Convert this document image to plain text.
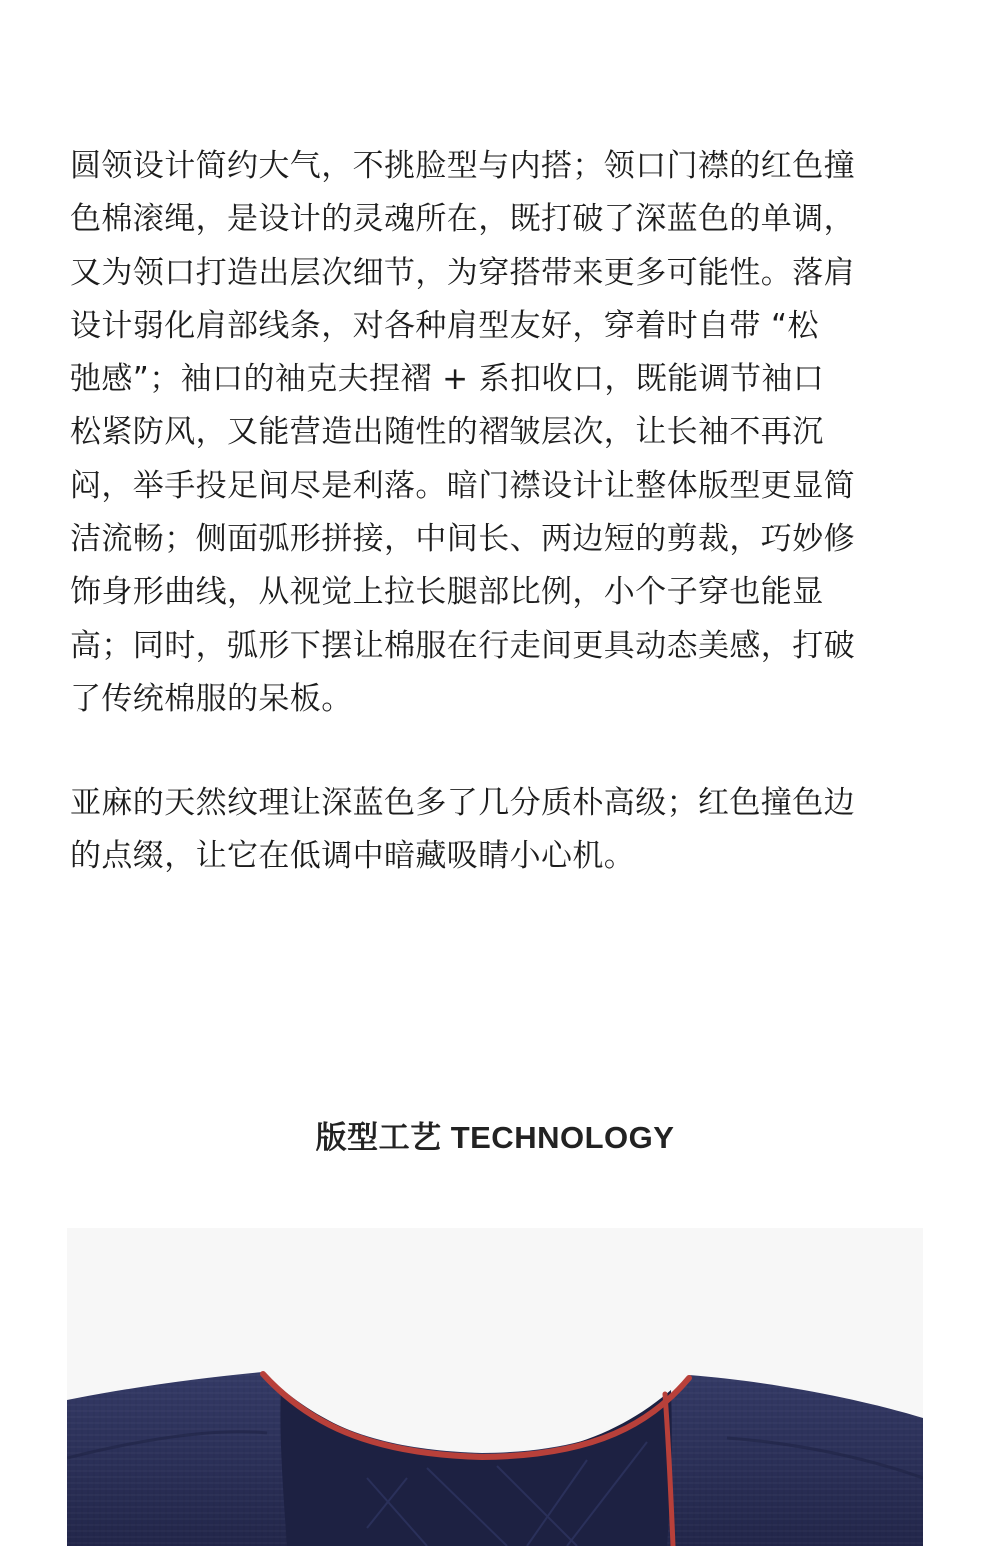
圆领设计简约大气，不挑脸型与内搭；领口门襟的红色撞
色棉滚绳，是设计的灵魂所在，既打破了深蓝色的单调，
又为领口打造出层次细节，为穿搭带来更多可能性。落肩
设计弱化肩部线条，对各种肩型友好，穿着时自带 “松
弛感”；袖口的袖克夫捏褶 + 系扣收口，既能调节袖口
松紧防风，又能营造出随性的褶皱层次，让长袖不再沉
闷，举手投足间尽是利落。暗门襟设计让整体版型更显简
洁流畅；侧面弧形拼接，中间长、两边短的剪裁，巧妙修
饰身形曲线，从视觉上拉长腿部比例，小个子穿也能显
高；同时，弧形下摆让棉服在行走间更具动态美感，打破
了传统棉服的呆板。

亚麻的天然纹理让深蓝色多了几分质朴高级；红色撞色边
的点缀，让它在低调中暗藏吸睛小心机。

版型工艺 TECHNOLOGY
